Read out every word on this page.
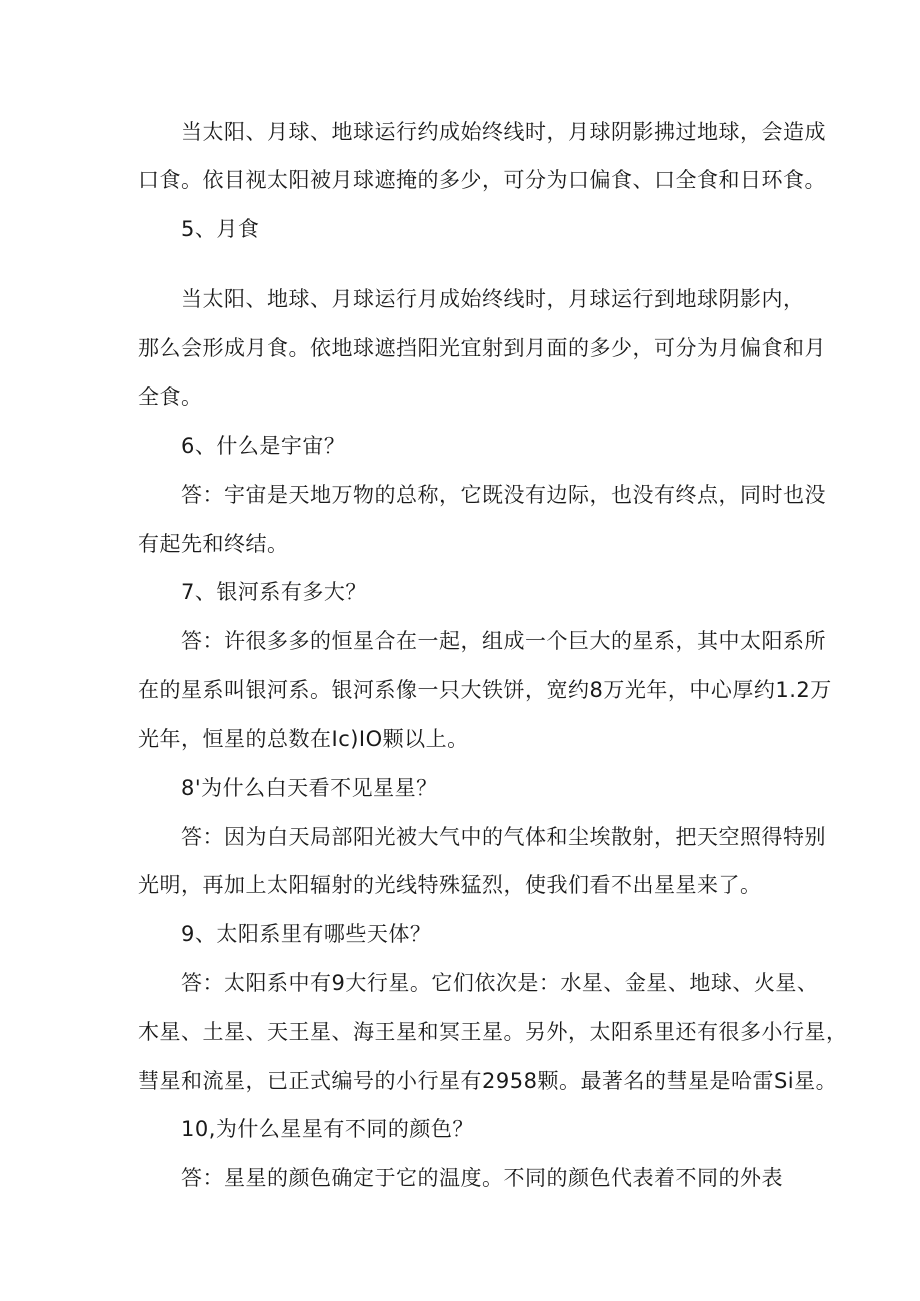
当太阳、月球、地球运行约成始终线时，月球阴影拂过地球，会造成
口食。依目视太阳被月球遮掩的多少，可分为口偏食、口全食和日环食。
5、月食
当太阳、地球、月球运行月成始终线时，月球运行到地球阴影内，
那么会形成月食。依地球遮挡阳光宜射到月面的多少，可分为月偏食和月
全食。
6、什么是宇宙？
答：宇宙是天地万物的总称，它既没有边际，也没有终点，同时也没
有起先和终结。
7、银河系有多大？
答：许很多多的恒星合在一起，组成一个巨大的星系，其中太阳系所
在的星系叫银河系。银河系像一只大铁饼，宽约8万光年，中心厚约1.2万
光年，恒星的总数在Ic)IO颗以上。
8'为什么白天看不见星星？
答：因为白天局部阳光被大气中的气体和尘埃散射，把天空照得特别
光明，再加上太阳辐射的光线特殊猛烈，使我们看不出星星来了。
9、太阳系里有哪些天体？
答：太阳系中有9大行星。它们依次是：水星、金星、地球、火星、
木星、土星、天王星、海王星和冥王星。另外，太阳系里还有很多小行星，
彗星和流星，已正式编号的小行星有2958颗。最著名的彗星是哈雷Si星。
10,为什么星星有不同的颜色？
答：星星的颜色确定于它的温度。不同的颜色代表着不同的外表
